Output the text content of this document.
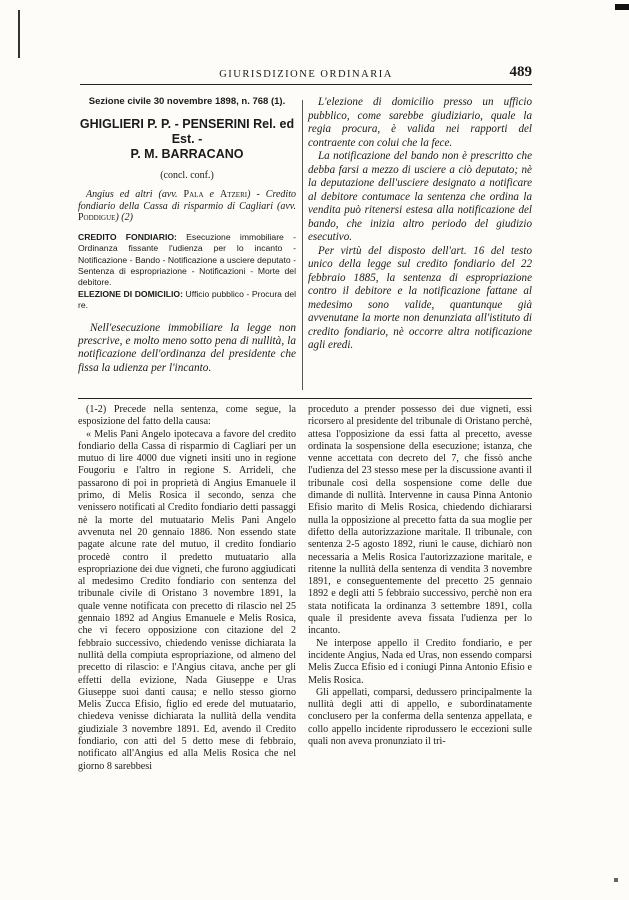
GIURISDIZIONE ORDINARIA	489
Sezione civile 30 novembre 1898, n. 768 (1).
GHIGLIERI P. P. - PENSERINI Rel. ed Est. -
P. M. BARRACANO
(concl. conf.)
Angius ed altri (avv. Pala e Atzeri) - Credito fondiario della Cassa di risparmio di Cagliari (avv. Poddigue) (2)
CREDITO FONDIARIO: Esecuzione immobiliare - Ordinanza fissante l'udienza per lo incanto - Notificazione - Bando - Notificazione a usciere deputato - Sentenza di espropriazione - Notificazioni - Morte del debitore.
ELEZIONE DI DOMICILIO: Ufficio pubblico - Procura del re.

Nell'esecuzione immobiliare la legge non prescrive, e molto meno sotto pena di nullità, la notificazione dell'ordinanza del presidente che fissa la udienza per l'incanto.

L'elezione di domicilio presso un ufficio pubblico, come sarebbe giudiziario, quale la regia procura, è valida nei rapporti del contraente con colui che la fece.

La notificazione del bando non è prescritto che debba farsi a mezzo di usciere a ciò deputato; nè la deputazione dell'usciere designato a notificare al debitore contumace la sentenza che ordina la vendita può ritenersi estesa alla notificazione del bando, che inizia altro periodo del giudizio esecutivo.

Per virtù del disposto dell'art. 16 del testo unico della legge sul credito fondiario del 22 febbraio 1885, la sentenza di espropriazione contro il debitore e la notificazione fattane al medesimo sono valide, quantunque già avvenutane la morte non denunziata all'istituto di credito fondiario, nè occorre altra notificazione agli eredi.

(1-2) Precede nella sentenza, come segue, la esposizione del fatto della causa:

« Melis Pani Angelo ipotecava a favore del credito fondiario della Cassa di risparmio di Cagliari per un mutuo di lire 4000 due vigneti insiti uno in regione Fougoriu e l'altro in regione S. Arrideli, che passarono di poi in proprietà di Angius Emanuele il primo, di Melis Rosica il secondo, senza che venissero notificati al Credito fondiario detti passaggi nè la morte del mutuatario Melis Pani Angelo avvenuta nel 20 gennaio 1886. Non essendo state pagate alcune rate del mutuo, il credito fondiario procedè contro il predetto mutuatario alla espropriazione dei due vigneti, che furono aggiudicati al medesimo Credito fondiario con sentenza del tribunale civile di Oristano 3 novembre 1891, la quale venne notificata con precetto di rilascio nel 25 gennaio 1892 ad Angius Emanuele e Melis Rosica, che vi fecero opposizione con citazione del 2 febbraio successivo, chiedendo venisse dichiarata la nullità della compiuta espropriazione, od almeno del precetto di rilascio: e l'Angius citava, anche per gli effetti della evizione, Nada Giuseppe e Uras Giuseppe suoi danti causa; e nello stesso giorno Melis Zucca Efisio, figlio ed erede del mutuatario, chiedeva venisse dichiarata la nullità della vendita giudiziale 3 novembre 1891. Ed, avendo il Credito fondiario, con atti del 5 detto mese di febbraio, notificato all'Angius ed alla Melis Rosica che nel giorno 8 sarebbesi

proceduto a prender possesso dei due vigneti, essi ricorsero al presidente del tribunale di Oristano perchè, attesa l'opposizione da essi fatta al precetto, avesse ordinata la sospensione della esecuzione; istanza, che venne accettata con decreto del 7, che fissò anche l'udienza del 23 stesso mese per la discussione avanti il tribunale così della sospensione come delle due dimande di nullità. Intervenne in causa Pinna Antonio Efisio marito di Melis Rosica, chiedendo dichiararsi nulla la opposizione al precetto fatta da sua moglie per difetto della autorizzazione maritale. Il tribunale, con sentenza 2-5 agosto 1892, riunì le cause, dichiarò non necessaria a Melis Rosica l'autorizzazione maritale, e ritenne la nullità della sentenza di vendita 3 novembre 1891, e conseguentemente del precetto 25 gennaio 1892 e degli atti 5 febbraio successivo, perchè non era stata notificata la ordinanza 3 settembre 1891, colla quale il presidente aveva fissata l'udienza per lo incanto.

Ne interpose appello il Credito fondiario, e per incidente Angius, Nada ed Uras, non essendo comparsi Melis Zucca Efisio ed i coniugi Pinna Antonio Efisio e Melis Rosica.

Gli appellati, comparsi, dedussero principalmente la nullità degli atti di appello, e subordinatamente conclusero per la conferma della sentenza appellata, e collo appello incidente riprodussero le eccezioni sulle quali non aveva pronunziato il tri-
